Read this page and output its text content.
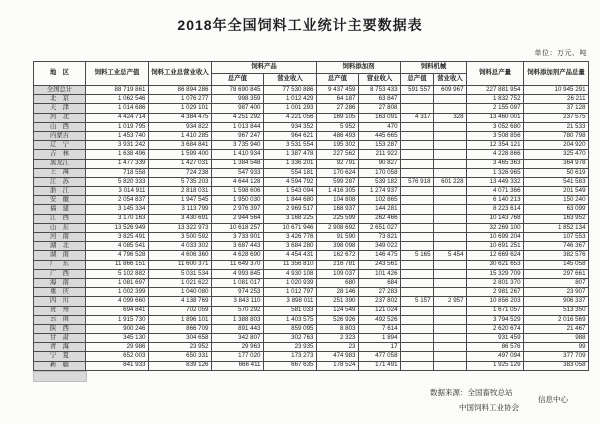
2018年全国饲料工业统计主要数据表
单位：万元、吨
地　区	饲料工业总产值	饲料工业总营业收入	饲料产品		饲料添加剂		饲料机械		饲料总产量	饲料添加剂产品总量
			总产值	营业收入	总产值	营业收入	总产值	营业收入		
全国总计	88 719 861	86 894 286	78 690 845	77 530 886	9 437 459	8 753 433	591 557	609 967	227 881 954	10 945 291
北　京	1 062 546	1 076 277	998 359	1 012 429	64 187	63 847			1 832 752	26 211
天　津	1 014 686	1 029 101	987 400	1 001 293	27 286	27 808			2 155 097	37 128
河　北	4 424 714	4 384 475	4 251 292	4 221 056	169 105	163 091	4 317	328	13 460 001	237 575
山　西	1 019 795	934 822	1 013 844	934 352	5 952	470			3 052 680	21 533
内蒙古	1 453 740	1 410 285	967 247	964 621	486 493	445 665			3 508 856	780 798
辽　宁	3 931 242	3 684 841	3 735 940	3 531 554	195 302	153 287			12 354 121	204 920
吉　林	1 638 496	1 599 400	1 410 934	1 387 478	227 562	211 922			4 228 866	325 470
黑龙江	1 477 339	1 427 031	1 384 548	1 336 201	92 791	90 827			3 465 363	364 978
上　海	718 558	724 238	547 933	554 181	170 624	170 058			1 326 965	50 619
江　苏	5 820 333	5 735 203	4 644 128	4 594 792	599 287	539 182	576 918	601 228	13 449 332	541 583
浙　江	3 014 911	2 818 031	1 598 606	1 543 094	1 416 305	1 274 937			4 071 366	201 549
安　徽	2 054 837	1 947 545	1 950 030	1 844 680	104 808	102 865			6 140 213	150 240
福　建	3 145 334	3 113 799	2 976 397	2 969 517	168 937	144 281			8 223 614	63 099
江　西	3 170 163	3 430 691	2 944 564	3 168 225	225 599	262 466			10 143 768	163 952
山　东	13 526 949	13 322 973	10 618 257	10 671 946	2 908 692	2 651 027			32 269 100	1 852 134
河　南	3 825 491	3 500 592	3 733 901	3 426 776	91 590	73 821			10 699 204	107 553
湖　北	4 085 541	4 033 302	3 687 443	3 684 280	398 098	349 022			10 691 251	746 367
湖　南	4 796 528	4 606 360	4 628 690	4 454 431	162 672	146 475	5 165	5 454	12 669 624	382 576
广　东	11 866 151	11 600 371	11 649 370	11 356 810	216 781	243 561			30 621 653	145 058
广　西	5 102 882	5 031 534	4 993 845	4 930 108	109 037	101 426			15 329 709	297 661
海　南	1 081 697	1 021 622	1 081 017	1 020 939	680	684			2 801 370	807
重　庆	1 002 399	1 040 080	974 253	1 012 797	28 146	27 283			2 981 267	23 907
四　川	4 099 660	4 138 769	3 843 110	3 898 011	251 390	237 802	5 157	2 957	10 856 203	906 337
贵　州	694 841	702 059	570 292	581 033	124 549	121 024			1 671 057	513 350
云　南	1 915 730	1 896 101	1 388 803	1 403 575	526 926	492 526			3 794 529	2 016 569
陕　西	900 246	866 709	891 443	859 095	8 803	7 614			2 620 674	21 467
甘　肃	345 130	304 658	342 807	302 763	2 323	1 894			931 459	988
青　海	29 986	23 952	29 963	23 935	23	17			86 576	99
宁　夏	652 003	650 331	177 020	173 273	474 983	477 058			497 094	377 709
新　疆	841 933	839 126	666 411	667 635	178 524	171 491			1 925 129	383 058
数据来源：全国畜牧总站
中国饲料工业协会
信息中心
